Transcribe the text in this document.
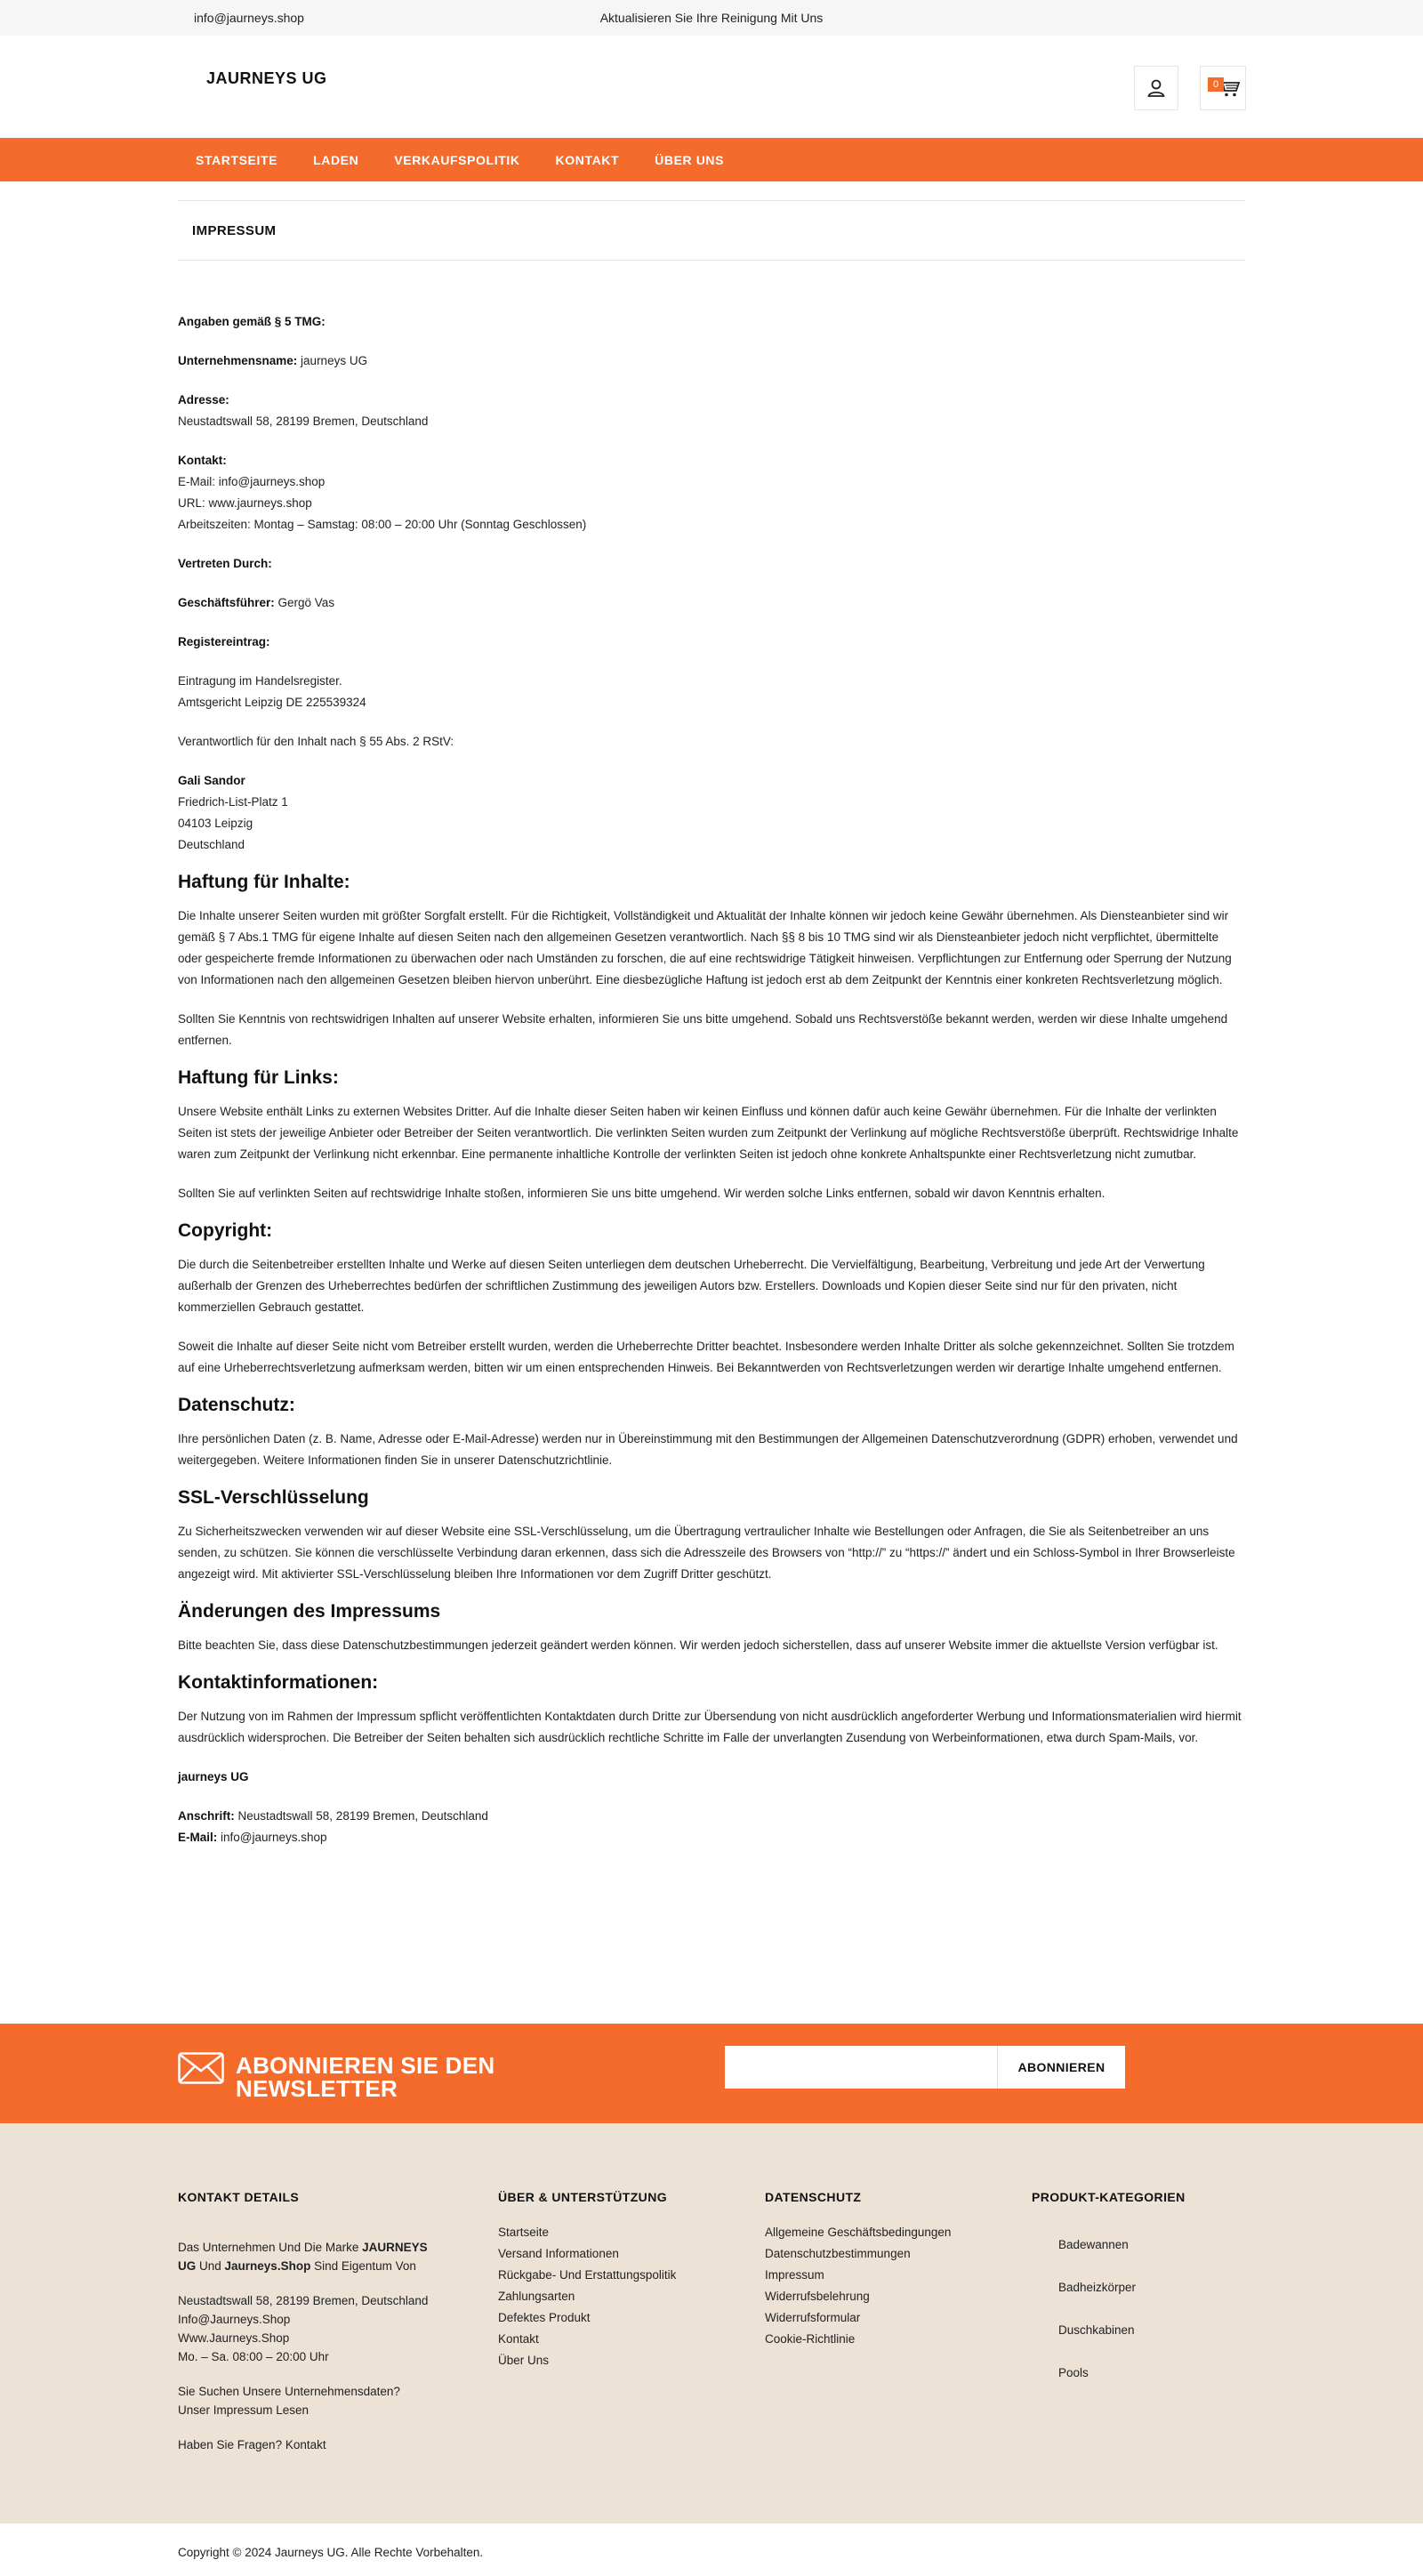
info@jaurneys.shop	Aktualisieren Sie Ihre Reinigung Mit Uns
JAURNEYS UG	0
STARTSEITE	LADEN	VERKAUFSPOLITIK	KONTAKT	ÜBER UNS
IMPRESSUM

Angaben gemäß § 5 TMG:

Unternehmensname: jaurneys UG

Adresse:

Neustadtswall 58, 28199 Bremen, Deutschland

Kontakt:

E-Mail: info@jaurneys.shop

URL: www.jaurneys.shop

Arbeitszeiten: Montag – Samstag: 08:00 – 20:00 Uhr (Sonntag Geschlossen)

Vertreten Durch:

Geschäftsführer: Gergö Vas

Registereintrag:

Eintragung im Handelsregister.

Amtsgericht Leipzig DE 225539324

Verantwortlich für den Inhalt nach § 55 Abs. 2 RStV:

Gali Sandor

Friedrich-List-Platz 1

04103 Leipzig

Deutschland

Haftung für Inhalte:

Die Inhalte unserer Seiten wurden mit größter Sorgfalt erstellt. Für die Richtigkeit, Vollständigkeit und Aktualität der Inhalte können wir jedoch keine Gewähr übernehmen. Als Diensteanbieter sind wir gemäß § 7 Abs.1 TMG für eigene Inhalte auf diesen Seiten nach den allgemeinen Gesetzen verantwortlich. Nach §§ 8 bis 10 TMG sind wir als Diensteanbieter jedoch nicht verpflichtet, übermittelte oder gespeicherte fremde Informationen zu überwachen oder nach Umständen zu forschen, die auf eine rechtswidrige Tätigkeit hinweisen. Verpflichtungen zur Entfernung oder Sperrung der Nutzung von Informationen nach den allgemeinen Gesetzen bleiben hiervon unberührt. Eine diesbezügliche Haftung ist jedoch erst ab dem Zeitpunkt der Kenntnis einer konkreten Rechtsverletzung möglich.

Sollten Sie Kenntnis von rechtswidrigen Inhalten auf unserer Website erhalten, informieren Sie uns bitte umgehend. Sobald uns Rechtsverstöße bekannt werden, werden wir diese Inhalte umgehend entfernen.

Haftung für Links:

Unsere Website enthält Links zu externen Websites Dritter. Auf die Inhalte dieser Seiten haben wir keinen Einfluss und können dafür auch keine Gewähr übernehmen. Für die Inhalte der verlinkten Seiten ist stets der jeweilige Anbieter oder Betreiber der Seiten verantwortlich. Die verlinkten Seiten wurden zum Zeitpunkt der Verlinkung auf mögliche Rechtsverstöße überprüft. Rechtswidrige Inhalte waren zum Zeitpunkt der Verlinkung nicht erkennbar. Eine permanente inhaltliche Kontrolle der verlinkten Seiten ist jedoch ohne konkrete Anhaltspunkte einer Rechtsverletzung nicht zumutbar.

Sollten Sie auf verlinkten Seiten auf rechtswidrige Inhalte stoßen, informieren Sie uns bitte umgehend. Wir werden solche Links entfernen, sobald wir davon Kenntnis erhalten.

Copyright:

Die durch die Seitenbetreiber erstellten Inhalte und Werke auf diesen Seiten unterliegen dem deutschen Urheberrecht. Die Vervielfältigung, Bearbeitung, Verbreitung und jede Art der Verwertung außerhalb der Grenzen des Urheberrechtes bedürfen der schriftlichen Zustimmung des jeweiligen Autors bzw. Erstellers. Downloads und Kopien dieser Seite sind nur für den privaten, nicht kommerziellen Gebrauch gestattet.

Soweit die Inhalte auf dieser Seite nicht vom Betreiber erstellt wurden, werden die Urheberrechte Dritter beachtet. Insbesondere werden Inhalte Dritter als solche gekennzeichnet. Sollten Sie trotzdem auf eine Urheberrechtsverletzung aufmerksam werden, bitten wir um einen entsprechenden Hinweis. Bei Bekanntwerden von Rechtsverletzungen werden wir derartige Inhalte umgehend entfernen.

Datenschutz:

Ihre persönlichen Daten (z. B. Name, Adresse oder E-Mail-Adresse) werden nur in Übereinstimmung mit den Bestimmungen der Allgemeinen Datenschutzverordnung (GDPR) erhoben, verwendet und weitergegeben. Weitere Informationen finden Sie in unserer Datenschutzrichtlinie.

SSL-Verschlüsselung

Zu Sicherheitszwecken verwenden wir auf dieser Website eine SSL-Verschlüsselung, um die Übertragung vertraulicher Inhalte wie Bestellungen oder Anfragen, die Sie als Seitenbetreiber an uns senden, zu schützen. Sie können die verschlüsselte Verbindung daran erkennen, dass sich die Adresszeile des Browsers von “http://” zu “https://” ändert und ein Schloss-Symbol in Ihrer Browserleiste angezeigt wird. Mit aktivierter SSL-Verschlüsselung bleiben Ihre Informationen vor dem Zugriff Dritter geschützt.

Änderungen des Impressums

Bitte beachten Sie, dass diese Datenschutzbestimmungen jederzeit geändert werden können. Wir werden jedoch sicherstellen, dass auf unserer Website immer die aktuellste Version verfügbar ist.

Kontaktinformationen:

Der Nutzung von im Rahmen der Impressum spflicht veröffentlichten Kontaktdaten durch Dritte zur Übersendung von nicht ausdrücklich angeforderter Werbung und Informationsmaterialien wird hiermit ausdrücklich widersprochen. Die Betreiber der Seiten behalten sich ausdrücklich rechtliche Schritte im Falle der unverlangten Zusendung von Werbeinformationen, etwa durch Spam-Mails, vor.

jaurneys UG

Anschrift: Neustadtswall 58, 28199 Bremen, Deutschland

E-Mail: info@jaurneys.shop

ABONNIEREN SIE DEN NEWSLETTER
ABONNIEREN
KONTAKT DETAILS

Das Unternehmen Und Die Marke JAURNEYS UG Und Jaurneys.Shop Sind Eigentum Von

Neustadtswall 58, 28199 Bremen, Deutschland
Info@Jaurneys.Shop
Www.Jaurneys.Shop
Mo. – Sa. 08:00 – 20:00 Uhr

Sie Suchen Unsere Unternehmensdaten?
Unser Impressum Lesen

Haben Sie Fragen? Kontakt

ÜBER & UNTERSTÜTZUNG
Startseite
Versand Informationen
Rückgabe- Und Erstattungspolitik
Zahlungsarten
Defektes Produkt
Kontakt
Über Uns
DATENSCHUTZ
Allgemeine Geschäftsbedingungen
Datenschutzbestimmungen
Impressum
Widerrufsbelehrung
Widerrufsformular
Cookie-Richtlinie
PRODUKT-KATEGORIEN
Badewannen
Badheizkörper
Duschkabinen
Pools
Copyright © 2024 Jaurneys UG. Alle Rechte Vorbehalten.
